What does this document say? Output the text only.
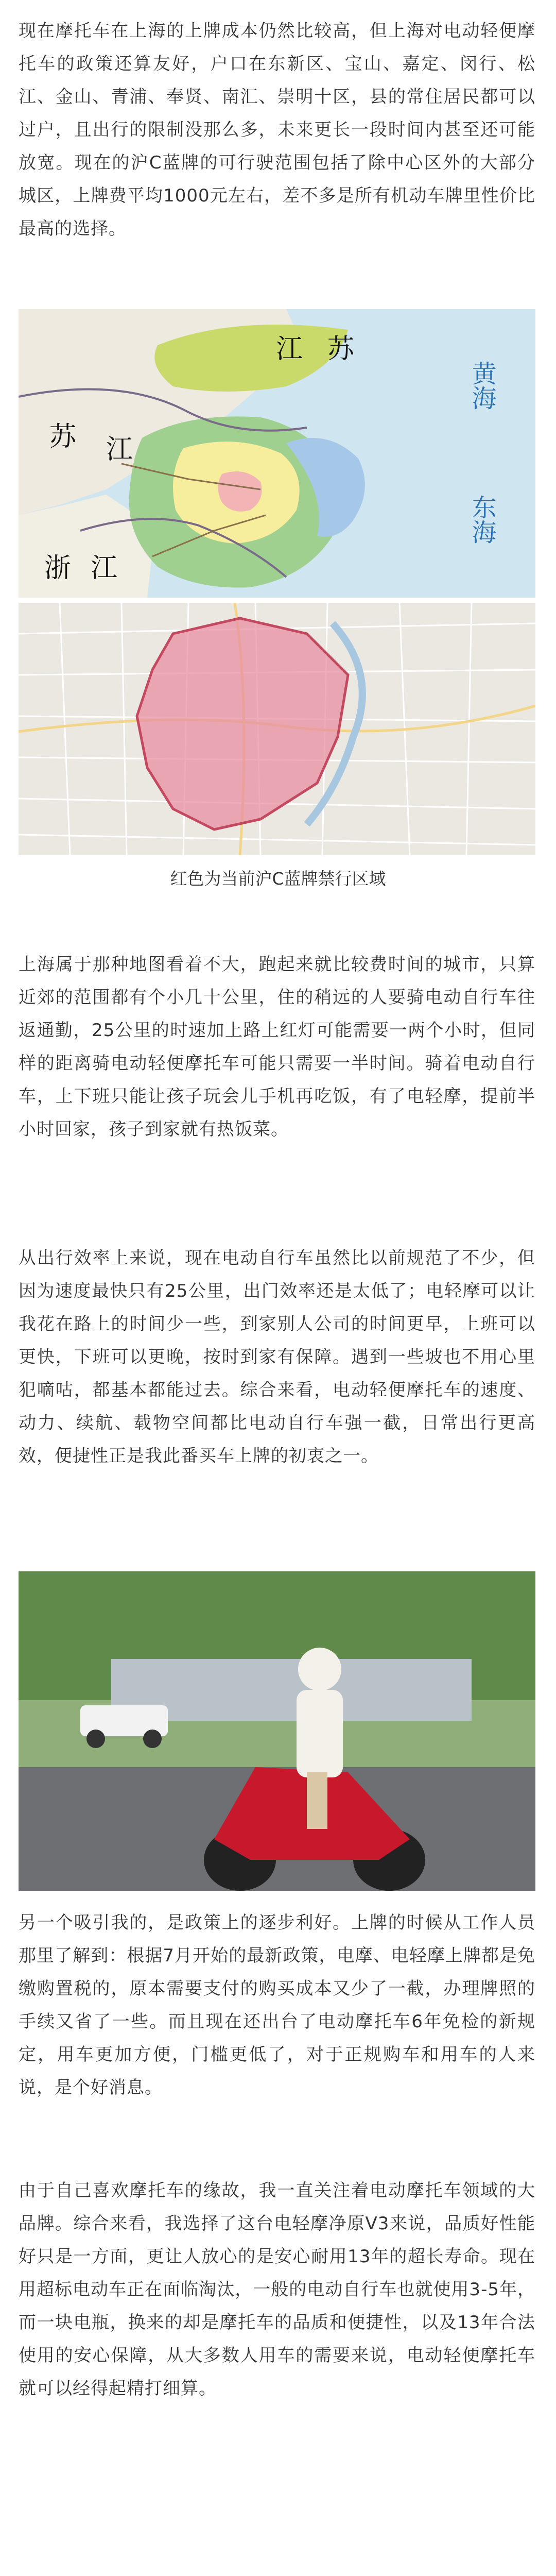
现在摩托车在上海的上牌成本仍然比较高，但上海对电动轻便摩托车的政策还算友好，户口在东新区、宝山、嘉定、闵行、松江、金山、青浦、奉贤、南汇、崇明十区，县的常住居民都可以过户，且出行的限制没那么多，未来更长一段时间内甚至还可能放宽。现在的沪C蓝牌的可行驶范围包括了除中心区外的大部分城区，上牌费平均1000元左右，差不多是所有机动车牌里性价比最高的选择。

江
苏
江 苏
浙 江
黄海
东海
红色为当前沪C蓝牌禁行区域

上海属于那种地图看着不大，跑起来就比较费时间的城市，只算近郊的范围都有个小几十公里，住的稍远的人要骑电动自行车往返通勤，25公里的时速加上路上红灯可能需要一两个小时，但同样的距离骑电动轻便摩托车可能只需要一半时间。骑着电动自行车，上下班只能让孩子玩会儿手机再吃饭，有了电轻摩，提前半小时回家，孩子到家就有热饭菜。

从出行效率上来说，现在电动自行车虽然比以前规范了不少，但因为速度最快只有25公里，出门效率还是太低了；电轻摩可以让我花在路上的时间少一些，到家别人公司的时间更早，上班可以更快，下班可以更晚，按时到家有保障。遇到一些坡也不用心里犯嘀咕，都基本都能过去。综合来看，电动轻便摩托车的速度、动力、续航、载物空间都比电动自行车强一截，日常出行更高效，便捷性正是我此番买车上牌的初衷之一。

另一个吸引我的，是政策上的逐步利好。上牌的时候从工作人员那里了解到：根据7月开始的最新政策，电摩、电轻摩上牌都是免缴购置税的，原本需要支付的购买成本又少了一截，办理牌照的手续又省了一些。而且现在还出台了电动摩托车6年免检的新规定，用车更加方便，门槛更低了，对于正规购车和用车的人来说，是个好消息。

由于自己喜欢摩托车的缘故，我一直关注着电动摩托车领域的大品牌。综合来看，我选择了这台电轻摩净原V3来说，品质好性能好只是一方面，更让人放心的是安心耐用13年的超长寿命。现在用超标电动车正在面临淘汰，一般的电动自行车也就使用3-5年，而一块电瓶，换来的却是摩托车的品质和便捷性，以及13年合法使用的安心保障，从大多数人用车的需要来说，电动轻便摩托车就可以经得起精打细算。
